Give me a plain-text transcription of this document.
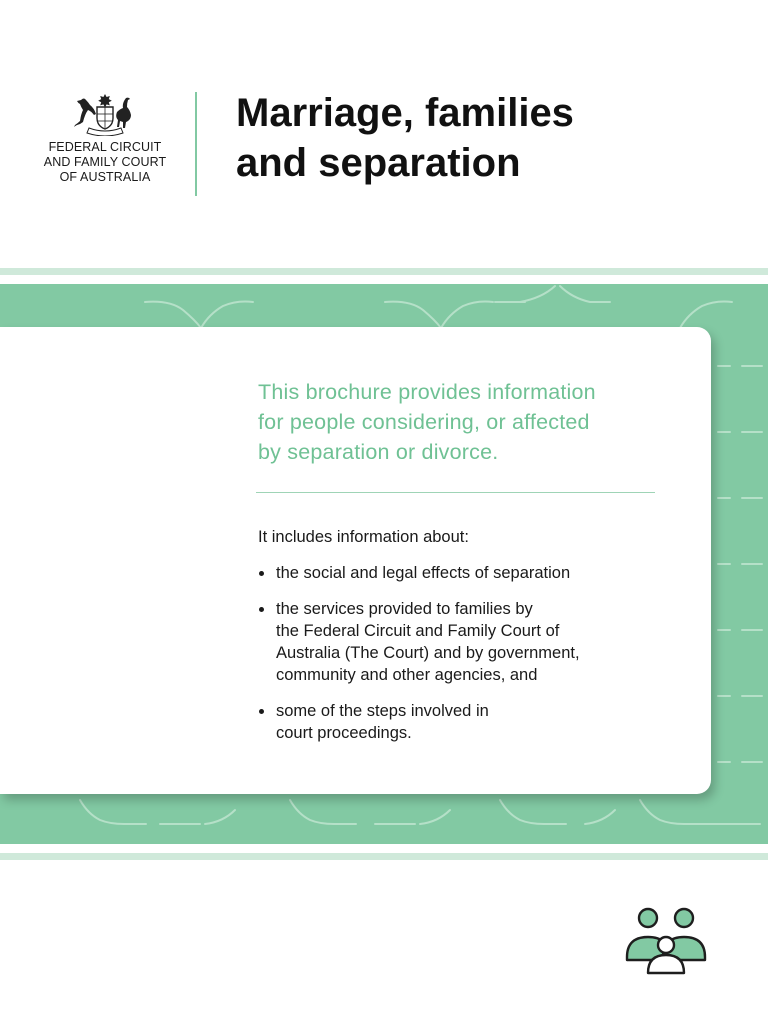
FEDERAL CIRCUIT
AND FAMILY COURT
OF AUSTRALIA
Marriage, families
and separation
This brochure provides information
for people considering, or affected
by separation or divorce.
It includes information about:
the social and legal effects of separation
the services provided to families by
the Federal Circuit and Family Court of
Australia (The Court) and by government,
community and other agencies, and
some of the steps involved in
court proceedings.
